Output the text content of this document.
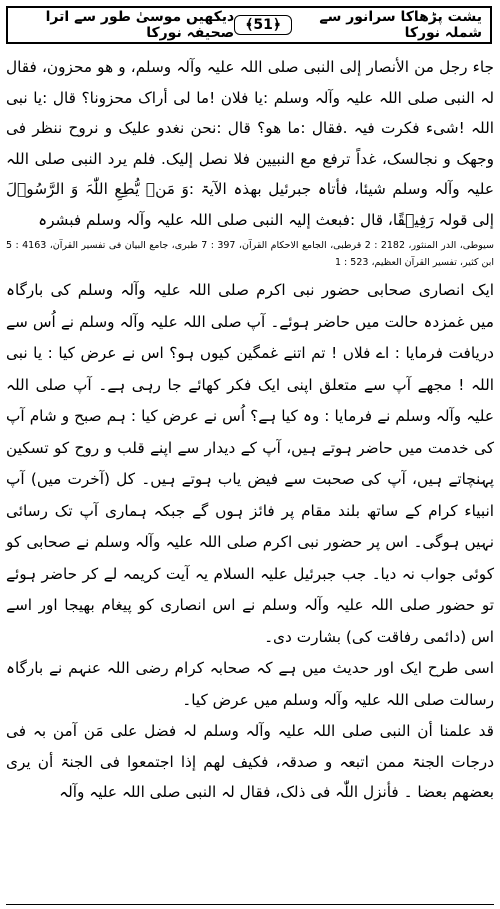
یشت پڑھاکا سرانور سے شملہ نورکا
﴿51﴾
دیکھیں موسیٰ طور سے اترا صحیفہ نورکا

جاء رجل من الأنصار إلى النبی صلی اللہ علیہ وآلہ وسلم، و ھو محزون، فقال لہ النبی صلی اللہ علیہ وآلہ وسلم :یا فلان !ما لی أراک محزونا؟ قال :یا نبی اللہ !شیء فکرت فیہ .فقال :ما ھو؟ قال :نحن نغدو علیک و نروح ننظر فی وجھک و نجالسک، غداً ترفع مع النبیین فلا نصل إلیک. فلم یرد النبی صلی اللہ علیہ وآلہ وسلم شیئا، فأتاہ جبرئیل بھذہ الآیۃ :وَ مَنۡ یُّطِعِ اللّٰہَ وَ الرَّسُوۡلَ إلی قولہ رَفِیۡقًا، قال :فبعث إلیہ النبی صلی اللہ علیہ وآلہ وسلم فبشرہ

سیوطی، الدر المنثور، 2182 : 2 قرطبی، الجامع الاحکام القرآن، 397 : 7 طبری، جامع البیان فی تفسیر القرآن، 4163 : 5 ابن کثیر، تفسیر القرآن العظیم، 523 : 1

ایک انصاری صحابی حضور نبی اکرم صلی اللہ علیہ وآلہ وسلم کی بارگاہ میں غمزدہ حالت میں حاضر ہوئے۔ آپ صلی اللہ علیہ وآلہ وسلم نے اُس سے دریافت فرمایا : اے فلاں ! تم اتنے غمگین کیوں ہو؟ اس نے عرض کیا : یا نبی اللہ ! مجھے آپ سے متعلق اپنی ایک فکر کھائے جا رہی ہے۔ آپ صلی اللہ علیہ وآلہ وسلم نے فرمایا : وہ کیا ہے؟ اُس نے عرض کیا : ہم صبح و شام آپ کی خدمت میں حاضر ہوتے ہیں، آپ کے دیدار سے اپنے قلب و روح کو تسکین پہنچاتے ہیں، آپ کی صحبت سے فیض یاب ہوتے ہیں۔ کل (آخرت میں) آپ انبیاء کرام کے ساتھ بلند مقام پر فائز ہوں گے جبکہ ہماری آپ تک رسائی نہیں ہوگی۔ اس پر حضور نبی اکرم صلی اللہ علیہ وآلہ وسلم نے صحابی کو کوئی جواب نہ دیا۔ جب جبرئیل علیہ السلام یہ آیت کریمہ لے کر حاضر ہوئے تو حضور صلی اللہ علیہ وآلہ وسلم نے اس انصاری کو پیغام بھیجا اور اسے اس (دائمی رفاقت کی) بشارت دی۔

اسی طرح ایک اور حدیث میں ہے کہ صحابہ کرام رضی اللہ عنہم نے بارگاہ رسالت صلی اللہ علیہ وآلہ وسلم میں عرض کیا۔

قد علمنا أن النبی صلی اللہ علیہ وآلہ وسلم لہ فضل علی مَن آمن بہ فی درجات الجنۃ ممن اتبعہ و صدقہ، فکیف لھم إذا اجتمعوا فی الجنۃ أن یری بعضھم بعضا ۔ فأنزل اللّٰہ فی ذلک، فقال لہ النبی صلی اللہ علیہ وآلہ
